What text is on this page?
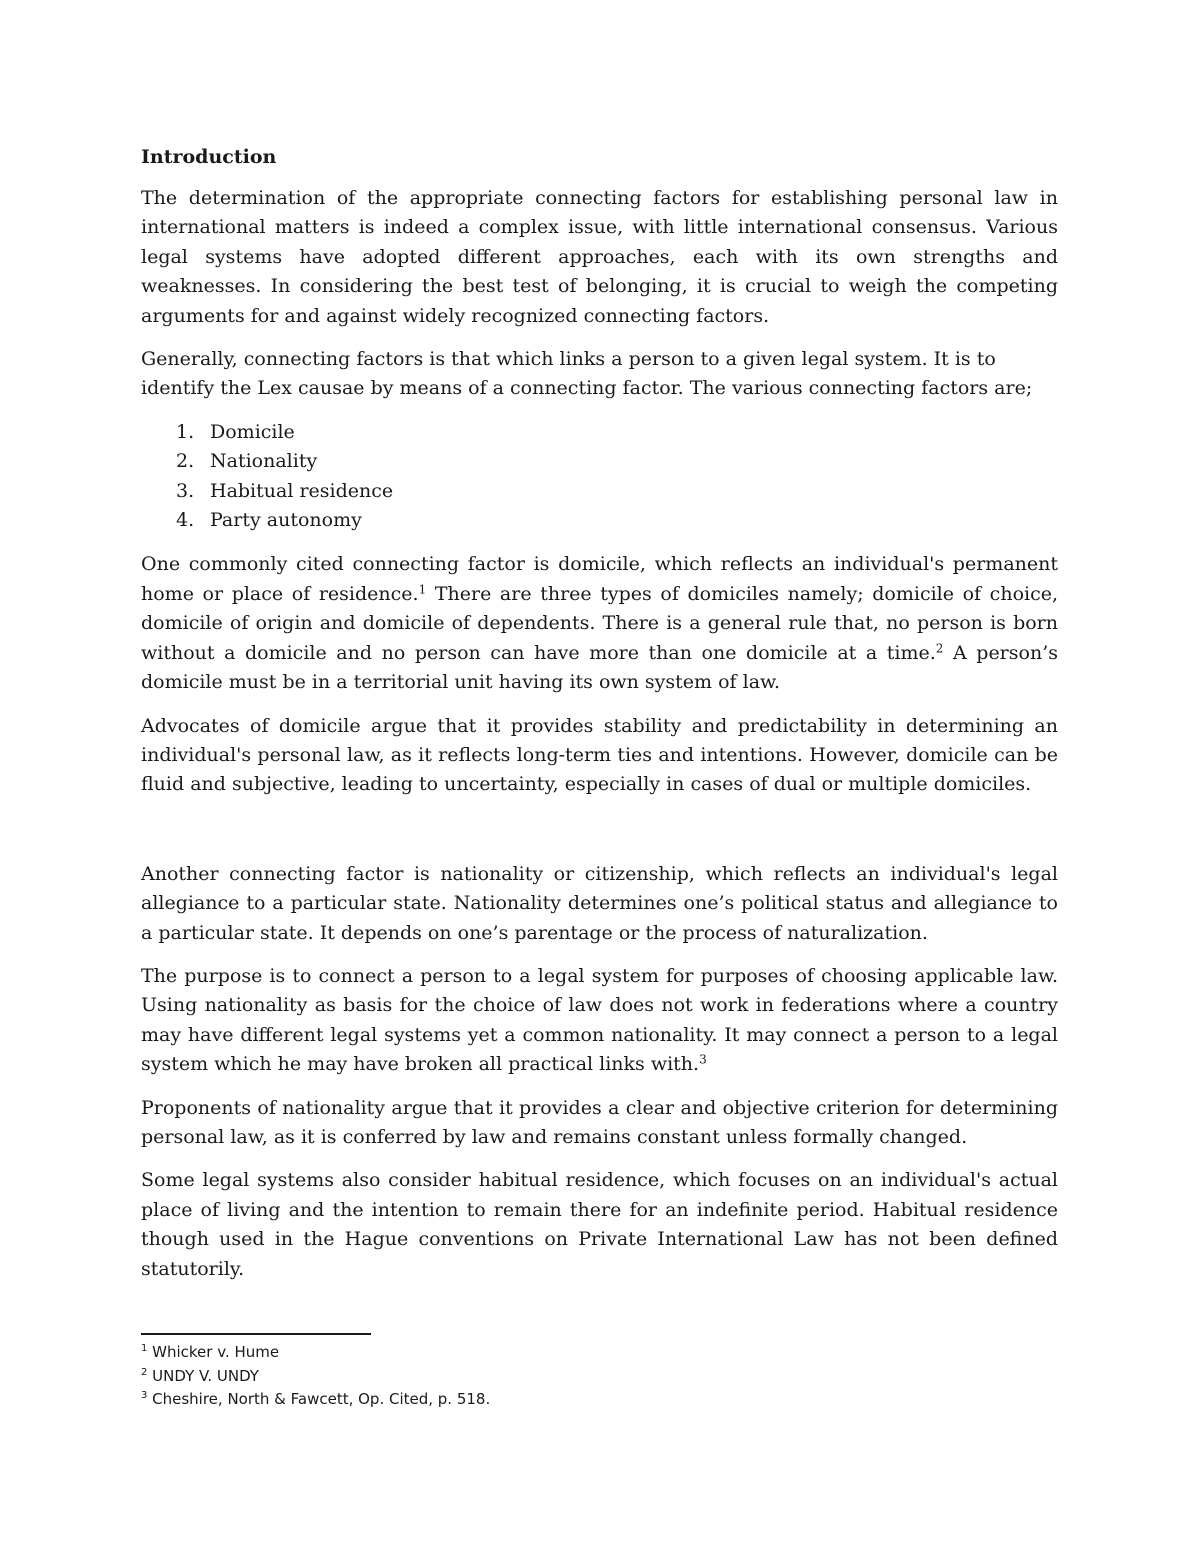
Introduction

The determination of the appropriate connecting factors for establishing personal law in international matters is indeed a complex issue, with little international consensus. Various legal systems have adopted different approaches, each with its own strengths and weaknesses. In considering the best test of belonging, it is crucial to weigh the competing arguments for and against widely recognized connecting factors.

Generally, connecting factors is that which links a person to a given legal system. It is to identify the Lex causae by means of a connecting factor. The various connecting factors are;

1. Domicile
2. Nationality
3. Habitual residence
4. Party autonomy

One commonly cited connecting factor is domicile, which reflects an individual's permanent home or place of residence.$^1$ There are three types of domiciles namely; domicile of choice, domicile of origin and domicile of dependents. There is a general rule that, no person is born without a domicile and no person can have more than one domicile at a time.$^2$ A person’s domicile must be in a territorial unit having its own system of law.

Advocates of domicile argue that it provides stability and predictability in determining an individual's personal law, as it reflects long-term ties and intentions. However, domicile can be fluid and subjective, leading to uncertainty, especially in cases of dual or multiple domiciles.

Another connecting factor is nationality or citizenship, which reflects an individual's legal allegiance to a particular state. Nationality determines one’s political status and allegiance to a particular state. It depends on one’s parentage or the process of naturalization.

The purpose is to connect a person to a legal system for purposes of choosing applicable law. Using nationality as basis for the choice of law does not work in federations where a country may have different legal systems yet a common nationality. It may connect a person to a legal system which he may have broken all practical links with.$^3$

Proponents of nationality argue that it provides a clear and objective criterion for determining personal law, as it is conferred by law and remains constant unless formally changed.

Some legal systems also consider habitual residence, which focuses on an individual's actual place of living and the intention to remain there for an indefinite period. Habitual residence though used in the Hague conventions on Private International Law has not been defined statutorily.

$^1$ Whicker v. Hume
$^2$ UNDY V. UNDY
$^3$ Cheshire, North & Fawcett, Op. Cited, p. 518.
